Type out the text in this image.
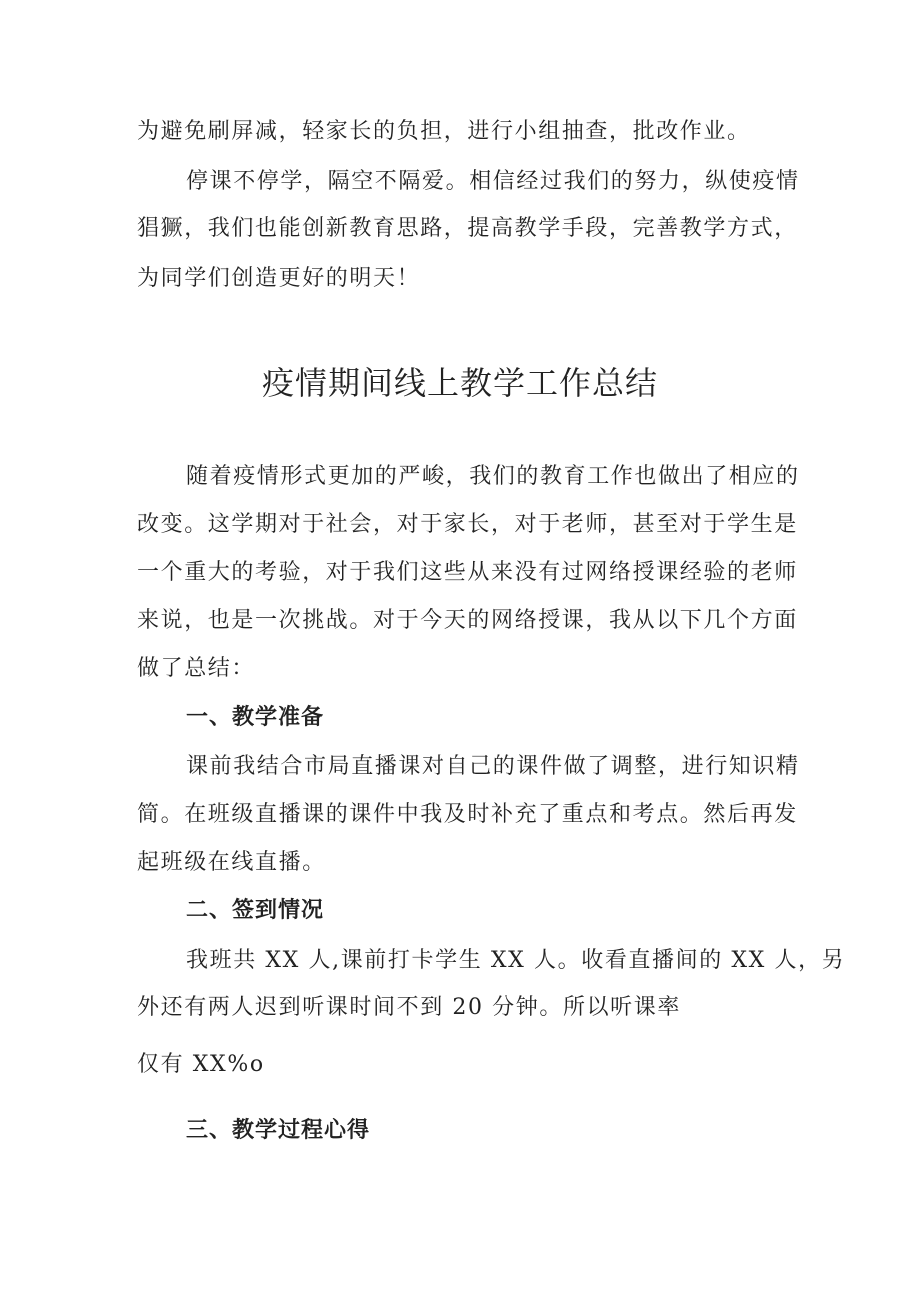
为避免刷屏减，轻家长的负担，进行小组抽查，批改作业。
停课不停学，隔空不隔爱。相信经过我们的努力，纵使疫情
猖獗，我们也能创新教育思路，提高教学手段，完善教学方式，
为同学们创造更好的明天！
疫情期间线上教学工作总结
随着疫情形式更加的严峻，我们的教育工作也做出了相应的
改变。这学期对于社会，对于家长，对于老师，甚至对于学生是
一个重大的考验，对于我们这些从来没有过网络授课经验的老师
来说，也是一次挑战。对于今天的网络授课，我从以下几个方面
做了总结：
一、教学准备
课前我结合市局直播课对自己的课件做了调整，进行知识精
简。在班级直播课的课件中我及时补充了重点和考点。然后再发
起班级在线直播。
二、签到情况
我班共 XX 人,课前打卡学生 XX 人。收看直播间的 XX 人，另
外还有两人迟到听课时间不到 20 分钟。所以听课率
仅有 XX%o
三、教学过程心得
